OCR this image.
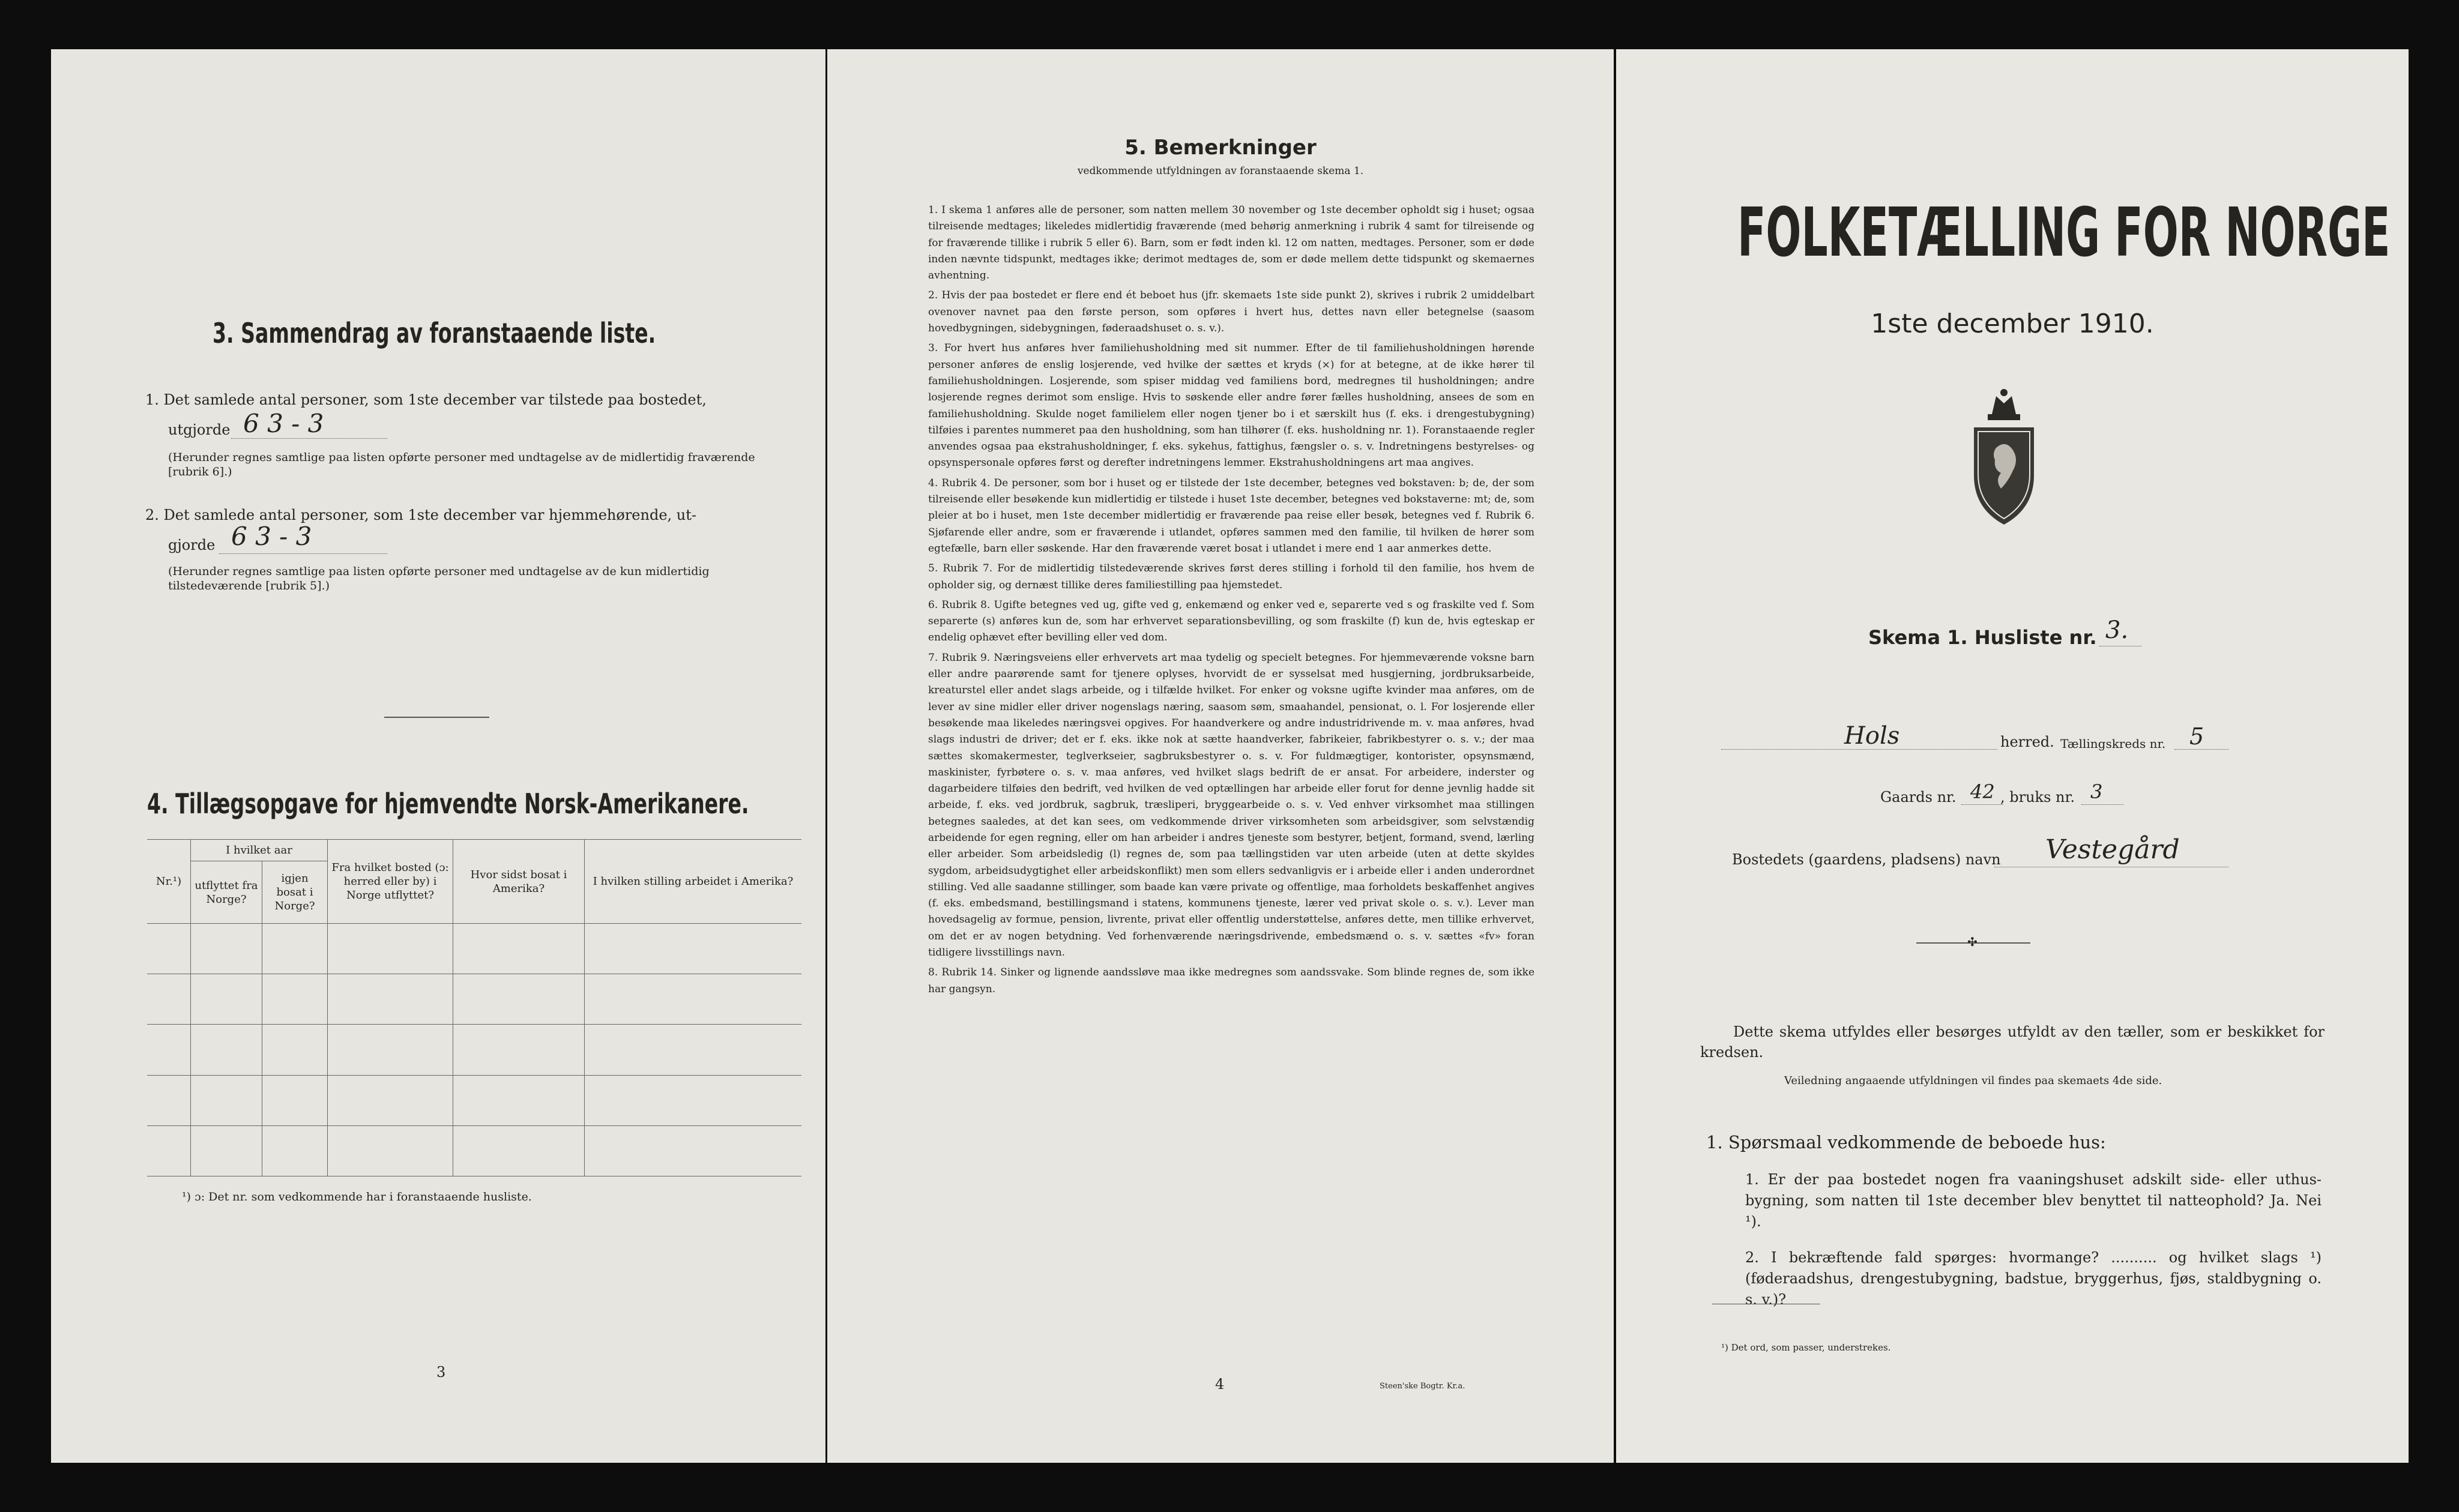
3. Sammendrag av foranstaaende liste.
1. Det samlede antal personer, som 1ste december var tilstede paa bostedet,
utgjorde 6 3 - 3
(Herunder regnes samtlige paa listen opførte personer med undtagelse av de midlertidig fraværende [rubrik 6].)
2. Det samlede antal personer, som 1ste december var hjemmehørende, ut-
gjorde 6 3 - 3
(Herunder regnes samtlige paa listen opførte personer med undtagelse av de kun midlertidig tilstedeværende [rubrik 5].)
4. Tillægsopgave for hjemvendte Norsk-Amerikanere.
Nr.¹)	I hvilket aar		Fra hvilket bosted (ɔ: herred eller by) i Norge utflyttet?	Hvor sidst bosat i Amerika?	I hvilken stilling arbeidet i Amerika?
	utflyttet fra Norge?	igjen bosat i Norge?			

¹) ɔ: Det nr. som vedkommende har i foranstaaende husliste.
3
5. Bemerkninger
vedkommende utfyldningen av foranstaaende skema 1.

1. I skema 1 anføres alle de personer, som natten mellem 30 november og 1ste december opholdt sig i huset; ogsaa tilreisende medtages; likeledes midlertidig fraværende (med behørig anmerkning i rubrik 4 samt for tilreisende og for fraværende tillike i rubrik 5 eller 6). Barn, som er født inden kl. 12 om natten, medtages. Personer, som er døde inden nævnte tidspunkt, medtages ikke; derimot medtages de, som er døde mellem dette tidspunkt og skemaernes avhentning.

2. Hvis der paa bostedet er flere end ét beboet hus (jfr. skemaets 1ste side punkt 2), skrives i rubrik 2 umiddelbart ovenover navnet paa den første person, som opføres i hvert hus, dettes navn eller betegnelse (saasom hovedbygningen, sidebygningen, føderaadshuset o. s. v.).

3. For hvert hus anføres hver familiehusholdning med sit nummer. Efter de til familiehusholdningen hørende personer anføres de enslig losjerende, ved hvilke der sættes et kryds (×) for at betegne, at de ikke hører til familiehusholdningen. Losjerende, som spiser middag ved familiens bord, medregnes til husholdningen; andre losjerende regnes derimot som enslige. Hvis to søskende eller andre fører fælles husholdning, ansees de som en familiehusholdning. Skulde noget familielem eller nogen tjener bo i et særskilt hus (f. eks. i drengestubygning) tilføies i parentes nummeret paa den husholdning, som han tilhører (f. eks. husholdning nr. 1). Foranstaaende regler anvendes ogsaa paa ekstrahusholdninger, f. eks. sykehus, fattighus, fængsler o. s. v. Indretningens bestyrelses- og opsynspersonale opføres først og derefter indretningens lemmer. Ekstrahusholdningens art maa angives.

4. Rubrik 4. De personer, som bor i huset og er tilstede der 1ste december, betegnes ved bokstaven: b; de, der som tilreisende eller besøkende kun midlertidig er tilstede i huset 1ste december, betegnes ved bokstaverne: mt; de, som pleier at bo i huset, men 1ste december midlertidig er fraværende paa reise eller besøk, betegnes ved f. Rubrik 6. Sjøfarende eller andre, som er fraværende i utlandet, opføres sammen med den familie, til hvilken de hører som egtefælle, barn eller søskende. Har den fraværende været bosat i utlandet i mere end 1 aar anmerkes dette.

5. Rubrik 7. For de midlertidig tilstedeværende skrives først deres stilling i forhold til den familie, hos hvem de opholder sig, og dernæst tillike deres familiestilling paa hjemstedet.

6. Rubrik 8. Ugifte betegnes ved ug, gifte ved g, enkemænd og enker ved e, separerte ved s og fraskilte ved f. Som separerte (s) anføres kun de, som har erhvervet separationsbevilling, og som fraskilte (f) kun de, hvis egteskap er endelig ophævet efter bevilling eller ved dom.

7. Rubrik 9. Næringsveiens eller erhvervets art maa tydelig og specielt betegnes. For hjemmeværende voksne barn eller andre paarørende samt for tjenere oplyses, hvorvidt de er sysselsat med husgjerning, jordbruksarbeide, kreaturstel eller andet slags arbeide, og i tilfælde hvilket. For enker og voksne ugifte kvinder maa anføres, om de lever av sine midler eller driver nogenslags næring, saasom søm, smaahandel, pensionat, o. l. For losjerende eller besøkende maa likeledes næringsvei opgives. For haandverkere og andre industridrivende m. v. maa anføres, hvad slags industri de driver; det er f. eks. ikke nok at sætte haandverker, fabrikeier, fabrikbestyrer o. s. v.; der maa sættes skomakermester, teglverkseier, sagbruksbestyrer o. s. v. For fuldmægtiger, kontorister, opsynsmænd, maskinister, fyrbøtere o. s. v. maa anføres, ved hvilket slags bedrift de er ansat. For arbeidere, inderster og dagarbeidere tilføies den bedrift, ved hvilken de ved optællingen har arbeide eller forut for denne jevnlig hadde sit arbeide, f. eks. ved jordbruk, sagbruk, træsliperi, bryggearbeide o. s. v. Ved enhver virksomhet maa stillingen betegnes saaledes, at det kan sees, om vedkommende driver virksomheten som arbeidsgiver, som selvstændig arbeidende for egen regning, eller om han arbeider i andres tjeneste som bestyrer, betjent, formand, svend, lærling eller arbeider. Som arbeidsledig (l) regnes de, som paa tællingstiden var uten arbeide (uten at dette skyldes sygdom, arbeidsudygtighet eller arbeidskonflikt) men som ellers sedvanligvis er i arbeide eller i anden underordnet stilling. Ved alle saadanne stillinger, som baade kan være private og offentlige, maa forholdets beskaffenhet angives (f. eks. embedsmand, bestillingsmand i statens, kommunens tjeneste, lærer ved privat skole o. s. v.). Lever man hovedsagelig av formue, pension, livrente, privat eller offentlig understøttelse, anføres dette, men tillike erhvervet, om det er av nogen betydning. Ved forhenværende næringsdrivende, embedsmænd o. s. v. sættes «fv» foran tidligere livsstillings navn.

8. Rubrik 14. Sinker og lignende aandssløve maa ikke medregnes som aandssvake. Som blinde regnes de, som ikke har gangsyn.

4	Steen'ske Bogtr. Kr.a.
FOLKETÆLLING FOR NORGE
1ste december 1910.
Skema 1. Husliste nr. 3.
Hols	herred. Tællingskreds nr. 5
Gaards nr. 42 , bruks nr. 3
Bostedets (gaardens, pladsens) navn Vestegård
✣
Dette skema utfyldes eller besørges utfyldt av den tæller, som er beskikket for kredsen.
Veiledning angaaende utfyldningen vil findes paa skemaets 4de side.
1. Spørsmaal vedkommende de beboede hus:
1. Er der paa bostedet nogen fra vaaningshuset adskilt side- eller uthus-bygning, som natten til 1ste december blev benyttet til natteophold? Ja. Nei ¹).
2. I bekræftende fald spørges: hvormange? .......... og hvilket slags ¹) (føderaadshus, drengestubygning, badstue, bryggerhus, fjøs, staldbygning o. s. v.)?
¹) Det ord, som passer, understrekes.
